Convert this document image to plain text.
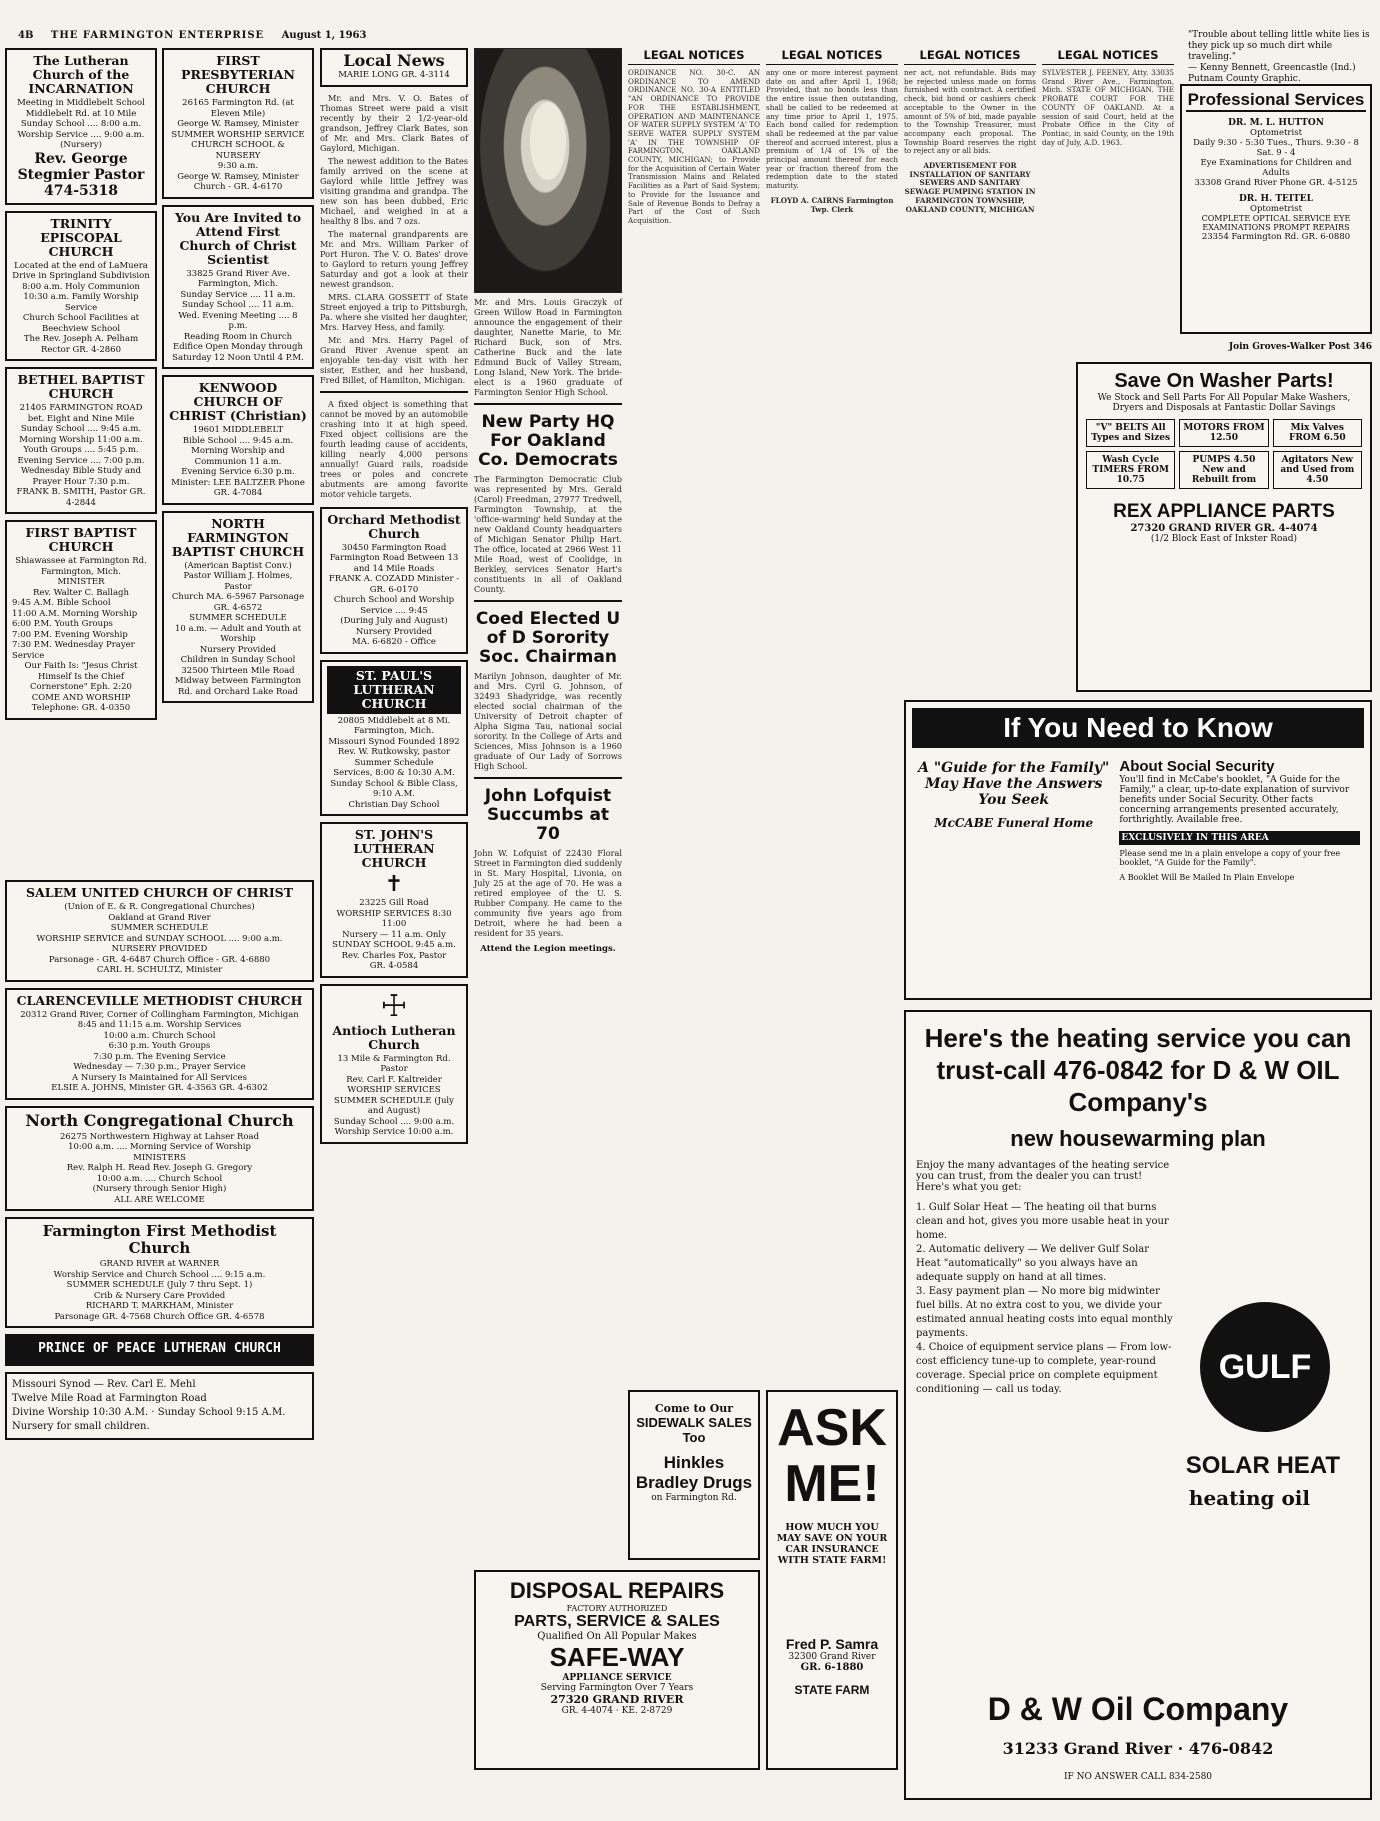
4B THE FARMINGTON ENTERPRISE August 1, 1963	"Trouble about telling little white lies is they pick up so much dirt while traveling."
— Kenny Bennett, Greencastle (Ind.) Putnam County Graphic.
The Lutheran Church of the INCARNATION
Meeting in Middlebelt School
Middlebelt Rd. at 10 Mile
Sunday School .... 8:00 a.m.
Worship Service .... 9:00 a.m.
(Nursery)
Rev. George Stegmier Pastor 474-5318
TRINITY EPISCOPAL CHURCH
Located at the end of LaMuera Drive in Springland Subdivision
8:00 a.m. Holy Communion
10:30 a.m. Family Worship Service
Church School Facilities at Beechview School
The Rev. Joseph A. Pelham Rector GR. 4-2860
BETHEL BAPTIST CHURCH
21405 FARMINGTON ROAD bet. Eight and Nine Mile
Sunday School .... 9:45 a.m.
Morning Worship 11:00 a.m.
Youth Groups .... 5:45 p.m.
Evening Service .... 7:00 p.m.
Wednesday Bible Study and Prayer Hour 7:30 p.m.
FRANK B. SMITH, Pastor GR. 4-2844
FIRST BAPTIST CHURCH
Shiawassee at Farmington Rd.
Farmington, Mich.
MINISTER
Rev. Walter C. Ballagh
9:45 A.M. Bible School
11:00 A.M. Morning Worship
6:00 P.M. Youth Groups
7:00 P.M. Evening Worship
7:30 P.M. Wednesday Prayer Service
Our Faith Is: "Jesus Christ Himself Is the Chief Cornerstone" Eph. 2:20
COME AND WORSHIP Telephone: GR. 4-0350
FIRST PRESBYTERIAN CHURCH
26165 Farmington Rd. (at Eleven Mile)
George W. Ramsey, Minister
SUMMER WORSHIP SERVICE
CHURCH SCHOOL & NURSERY
9:30 a.m.
George W. Ramsey, Minister Church - GR. 4-6170
You Are Invited to Attend First Church of Christ Scientist
33825 Grand River Ave.
Farmington, Mich.
Sunday Service .... 11 a.m.
Sunday School .... 11 a.m.
Wed. Evening Meeting .... 8 p.m.
Reading Room in Church Edifice Open Monday through Saturday 12 Noon Until 4 P.M.
KENWOOD CHURCH OF CHRIST (Christian)
19601 MIDDLEBELT
Bible School .... 9:45 a.m.
Morning Worship and Communion 11 a.m.
Evening Service 6:30 p.m.
Minister: LEE BALTZER Phone GR. 4-7084
NORTH FARMINGTON BAPTIST CHURCH
(American Baptist Conv.)
Pastor William J. Holmes, Pastor
Church MA. 6-5967 Parsonage GR. 4-6572
SUMMER SCHEDULE
10 a.m. — Adult and Youth at Worship
Nursery Provided
Children in Sunday School
32500 Thirteen Mile Road Midway between Farmington Rd. and Orchard Lake Road
SALEM UNITED CHURCH OF CHRIST
(Union of E. & R. Congregational Churches)
Oakland at Grand River
SUMMER SCHEDULE
WORSHIP SERVICE and SUNDAY SCHOOL .... 9:00 a.m.
NURSERY PROVIDED
Parsonage - GR. 4-6487 Church Office - GR. 4-6880
CARL H. SCHULTZ, Minister
CLARENCEVILLE METHODIST CHURCH
20312 Grand River, Corner of Collingham Farmington, Michigan
8:45 and 11:15 a.m. Worship Services
10:00 a.m. Church School
6:30 p.m. Youth Groups
7:30 p.m. The Evening Service
Wednesday — 7:30 p.m., Prayer Service
A Nursery Is Maintained for All Services
ELSIE A. JOHNS, Minister GR. 4-3563 GR. 4-6302
North Congregational Church
26275 Northwestern Highway at Lahser Road
10:00 a.m. .... Morning Service of Worship
MINISTERS
Rev. Ralph H. Read Rev. Joseph G. Gregory
10:00 a.m. .... Church School
(Nursery through Senior High)
ALL ARE WELCOME
Farmington First Methodist Church
GRAND RIVER at WARNER
Worship Service and Church School .... 9:15 a.m.
SUMMER SCHEDULE (July 7 thru Sept. 1)
Crib & Nursery Care Provided
RICHARD T. MARKHAM, Minister
Parsonage GR. 4-7568 Church Office GR. 4-6578
PRINCE OF PEACE LUTHERAN CHURCH
Missouri Synod — Rev. Carl E. Mehl
Twelve Mile Road at Farmington Road
Divine Worship 10:30 A.M. · Sunday School 9:15 A.M.
Nursery for small children.
Local News
MARIE LONG GR. 4-3114

Mr. and Mrs. V. O. Bates of Thomas Street were paid a visit recently by their 2 1/2-year-old grandson, Jeffrey Clark Bates, son of Mr. and Mrs. Clark Bates of Gaylord, Michigan.

The newest addition to the Bates family arrived on the scene at Gaylord while little Jeffrey was visiting grandma and grandpa. The new son has been dubbed, Eric Michael, and weighed in at a healthy 8 lbs. and 7 ozs.

The maternal grandparents are Mr. and Mrs. William Parker of Port Huron. The V. O. Bates' drove to Gaylord to return young Jeffrey Saturday and got a look at their newest grandson.

MRS. CLARA GOSSETT of State Street enjoyed a trip to Pittsburgh, Pa. where she visited her daughter, Mrs. Harvey Hess, and family.

Mr. and Mrs. Harry Pagel of Grand River Avenue spent an enjoyable ten-day visit with her sister, Esther, and her husband, Fred Billet, of Hamilton, Michigan.

A fixed object is something that cannot be moved by an automobile crashing into it at high speed. Fixed object collisions are the fourth leading cause of accidents, killing nearly 4,000 persons annually! Guard rails, roadside trees or poles and concrete abutments are among favorite motor vehicle targets.

Orchard Methodist Church
30450 Farmington Road
Farmington Road Between 13 and 14 Mile Roads
FRANK A. COZADD Minister - GR. 6-0170
Church School and Worship Service .... 9:45
(During July and August)
Nursery Provided
MA. 6-6820 - Office
ST. PAUL'S LUTHERAN CHURCH
20805 Middlebelt at 8 Mi.
Farmington, Mich.
Missouri Synod Founded 1892
Rev. W. Rutkowsky, pastor
Summer Schedule
Services, 8:00 & 10:30 A.M.
Sunday School & Bible Class, 9:10 A.M.
Christian Day School
ST. JOHN'S LUTHERAN CHURCH
✝
23225 Gill Road
WORSHIP SERVICES 8:30 11:00
Nursery — 11 a.m. Only
SUNDAY SCHOOL 9:45 a.m.
Rev. Charles Fox, Pastor
GR. 4-0584
☩
Antioch Lutheran Church
13 Mile & Farmington Rd.
Pastor
Rev. Carl F. Kaltreider
WORSHIP SERVICES SUMMER SCHEDULE (July and August)
Sunday School .... 9:00 a.m.
Worship Service 10:00 a.m.
Mr. and Mrs. Louis Graczyk of Green Willow Road in Farmington announce the engagement of their daughter, Nanette Marie, to Mr. Richard Buck, son of Mrs. Catherine Buck and the late Edmund Buck of Valley Stream, Long Island, New York. The bride-elect is a 1960 graduate of Farmington Senior High School.
New Party HQ For Oakland Co. Democrats
The Farmington Democratic Club was represented by Mrs. Gerald (Carol) Freedman, 27977 Tredwell, Farmington Township, at the 'office-warming' held Sunday at the new Oakland County headquarters of Michigan Senator Philip Hart. The office, located at 2966 West 11 Mile Road, west of Coolidge, in Berkley, services Senator Hart's constituents in all of Oakland County.
Coed Elected U of D Sorority Soc. Chairman
Marilyn Johnson, daughter of Mr. and Mrs. Cyril G. Johnson, of 32493 Shadyridge, was recently elected social chairman of the University of Detroit chapter of Alpha Sigma Tau, national social sorority. In the College of Arts and Sciences, Miss Johnson is a 1960 graduate of Our Lady of Sorrows High School.
John Lofquist Succumbs at 70
John W. Lofquist of 22430 Floral Street in Farmington died suddenly in St. Mary Hospital, Livonia, on July 25 at the age of 70. He was a retired employee of the U. S. Rubber Company. He came to the community five years ago from Detroit, where he had been a resident for 35 years.
Attend the Legion meetings.
LEGAL NOTICES
ORDINANCE NO. 30-C. AN ORDINANCE TO AMEND ORDINANCE NO. 30-A ENTITLED "AN ORDINANCE TO PROVIDE FOR THE ESTABLISHMENT, OPERATION AND MAINTENANCE OF WATER SUPPLY SYSTEM 'A' TO SERVE WATER SUPPLY SYSTEM 'A' IN THE TOWNSHIP OF FARMINGTON, OAKLAND COUNTY, MICHIGAN; to Provide for the Acquisition of Certain Water Transmission Mains and Related Facilities as a Part of Said System; to Provide for the Issuance and Sale of Revenue Bonds to Defray a Part of the Cost of Such Acquisition.
LEGAL NOTICES
any one or more interest payment date on and after April 1, 1968; Provided, that no bonds less than the entire issue then outstanding, shall be called to be redeemed at any time prior to April 1, 1975. Each bond called for redemption shall be redeemed at the par value thereof and accrued interest, plus a premium of 1/4 of 1% of the principal amount thereof for each year or fraction thereof from the redemption date to the stated maturity.
FLOYD A. CAIRNS Farmington Twp. Clerk
LEGAL NOTICES
ner act, not refundable. Bids may be rejected unless made on forms furnished with contract. A certified check, bid bond or cashiers check acceptable to the Owner in the amount of 5% of bid, made payable to the Township Treasurer, must accompany each proposal. The Township Board reserves the right to reject any or all bids.
ADVERTISEMENT FOR INSTALLATION OF SANITARY SEWERS AND SANITARY SEWAGE PUMPING STATION IN FARMINGTON TOWNSHIP, OAKLAND COUNTY, MICHIGAN
LEGAL NOTICES
SYLVESTER J. FEENEY, Atty. 33035 Grand River Ave., Farmington, Mich. STATE OF MICHIGAN. THE PROBATE COURT FOR THE COUNTY OF OAKLAND. At a session of said Court, held at the Probate Office in the City of Pontiac, in said County, on the 19th day of July, A.D. 1963.
Come to Our
SIDEWALK SALES Too
Hinkles Bradley Drugs
on Farmington Rd.
ASK ME!
HOW MUCH YOU MAY SAVE ON YOUR CAR INSURANCE WITH STATE FARM!
Fred P. Samra
32300 Grand River
GR. 6-1880
STATE FARM
DISPOSAL REPAIRS
FACTORY AUTHORIZED
PARTS, SERVICE & SALES
Qualified On All Popular Makes
SAFE-WAY
APPLIANCE SERVICE
Serving Farmington Over 7 Years
27320 GRAND RIVER
GR. 4-4074 · KE. 2-8729
Professional Services
DR. M. L. HUTTON
Optometrist
Daily 9:30 - 5:30 Tues., Thurs. 9:30 - 8 Sat. 9 - 4
Eye Examinations for Children and Adults
33308 Grand River Phone GR. 4-5125
DR. H. TEITEL
Optometrist
COMPLETE OPTICAL SERVICE EYE EXAMINATIONS PROMPT REPAIRS
23354 Farmington Rd. GR. 6-0880
Join Groves-Walker Post 346
Save On Washer Parts!
We Stock and Sell Parts For All Popular Make Washers, Dryers and Disposals at Fantastic Dollar Savings
"V" BELTS All Types and Sizes
MOTORS FROM 12.50
Mix Valves FROM 6.50
Wash Cycle TIMERS FROM 10.75
PUMPS 4.50 New and Rebuilt from
Agitators New and Used from 4.50
REX APPLIANCE PARTS
27320 GRAND RIVER GR. 4-4074
(1/2 Block East of Inkster Road)
If You Need to Know
A "Guide for the Family" May Have the Answers You Seek
McCABE Funeral Home
About Social Security
You'll find in McCabe's booklet, "A Guide for the Family," a clear, up-to-date explanation of survivor benefits under Social Security. Other facts concerning arrangements presented accurately, forthrightly. Available free.
EXCLUSIVELY IN THIS AREA
Please send me in a plain envelope a copy of your free booklet, "A Guide for the Family".
A Booklet Will Be Mailed In Plain Envelope
Here's the heating service you can trust-call 476-0842 for D & W OIL Company's
new housewarming plan
Enjoy the many advantages of the heating service you can trust, from the dealer you can trust! Here's what you get:
1. Gulf Solar Heat — The heating oil that burns clean and hot, gives you more usable heat in your home.
2. Automatic delivery — We deliver Gulf Solar Heat "automatically" so you always have an adequate supply on hand at all times.
3. Easy payment plan — No more big midwinter fuel bills. At no extra cost to you, we divide your estimated annual heating costs into equal monthly payments.
4. Choice of equipment service plans — From low-cost efficiency tune-up to complete, year-round coverage. Special price on complete equipment conditioning — call us today.
GULF
SOLAR HEAT
heating oil
D & W Oil Company
31233 Grand River · 476-0842
IF NO ANSWER CALL 834-2580
